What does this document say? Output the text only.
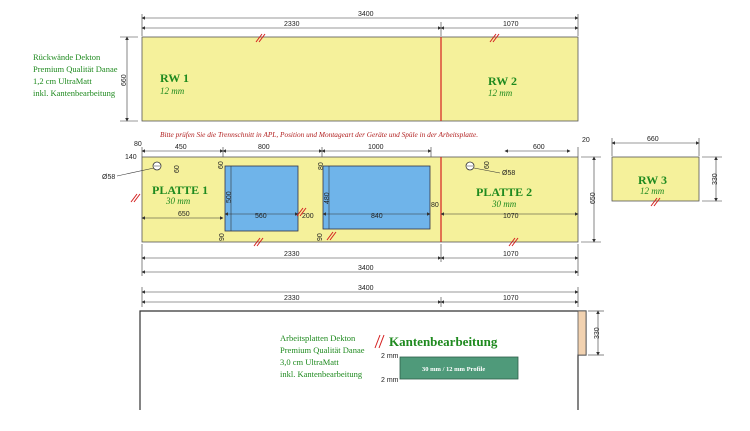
Rückwände Dekton
Premium Qualität Danae
1,2 cm UltraMatt
inkl. Kantenbearbeitung
3400
2330	1070
660	RW 1
12 mm
RW 2
12 mm
Bitte prüfen Sie die Trennschnitt in APL, Position und Montageart der Geräte und Spüle in der Arbeitsplatte.
660
RW 3
12 mm
330
80	450	800	1000	600
20
140
Ø58
Ø58
PLATTE 1
30 mm
PLATTE 2
30 mm
650	560	200	840
80
1070
60
60	60
500
90
480
90
80
650
2330	1070
3400
3400
2330	1070
330
Arbeitsplatten Dekton
Premium Qualität Danae
3,0 cm UltraMatt
inkl. Kantenbearbeitung
Kantenbearbeitung
30 mm / 12 mm Profile
2 mm
2 mm
